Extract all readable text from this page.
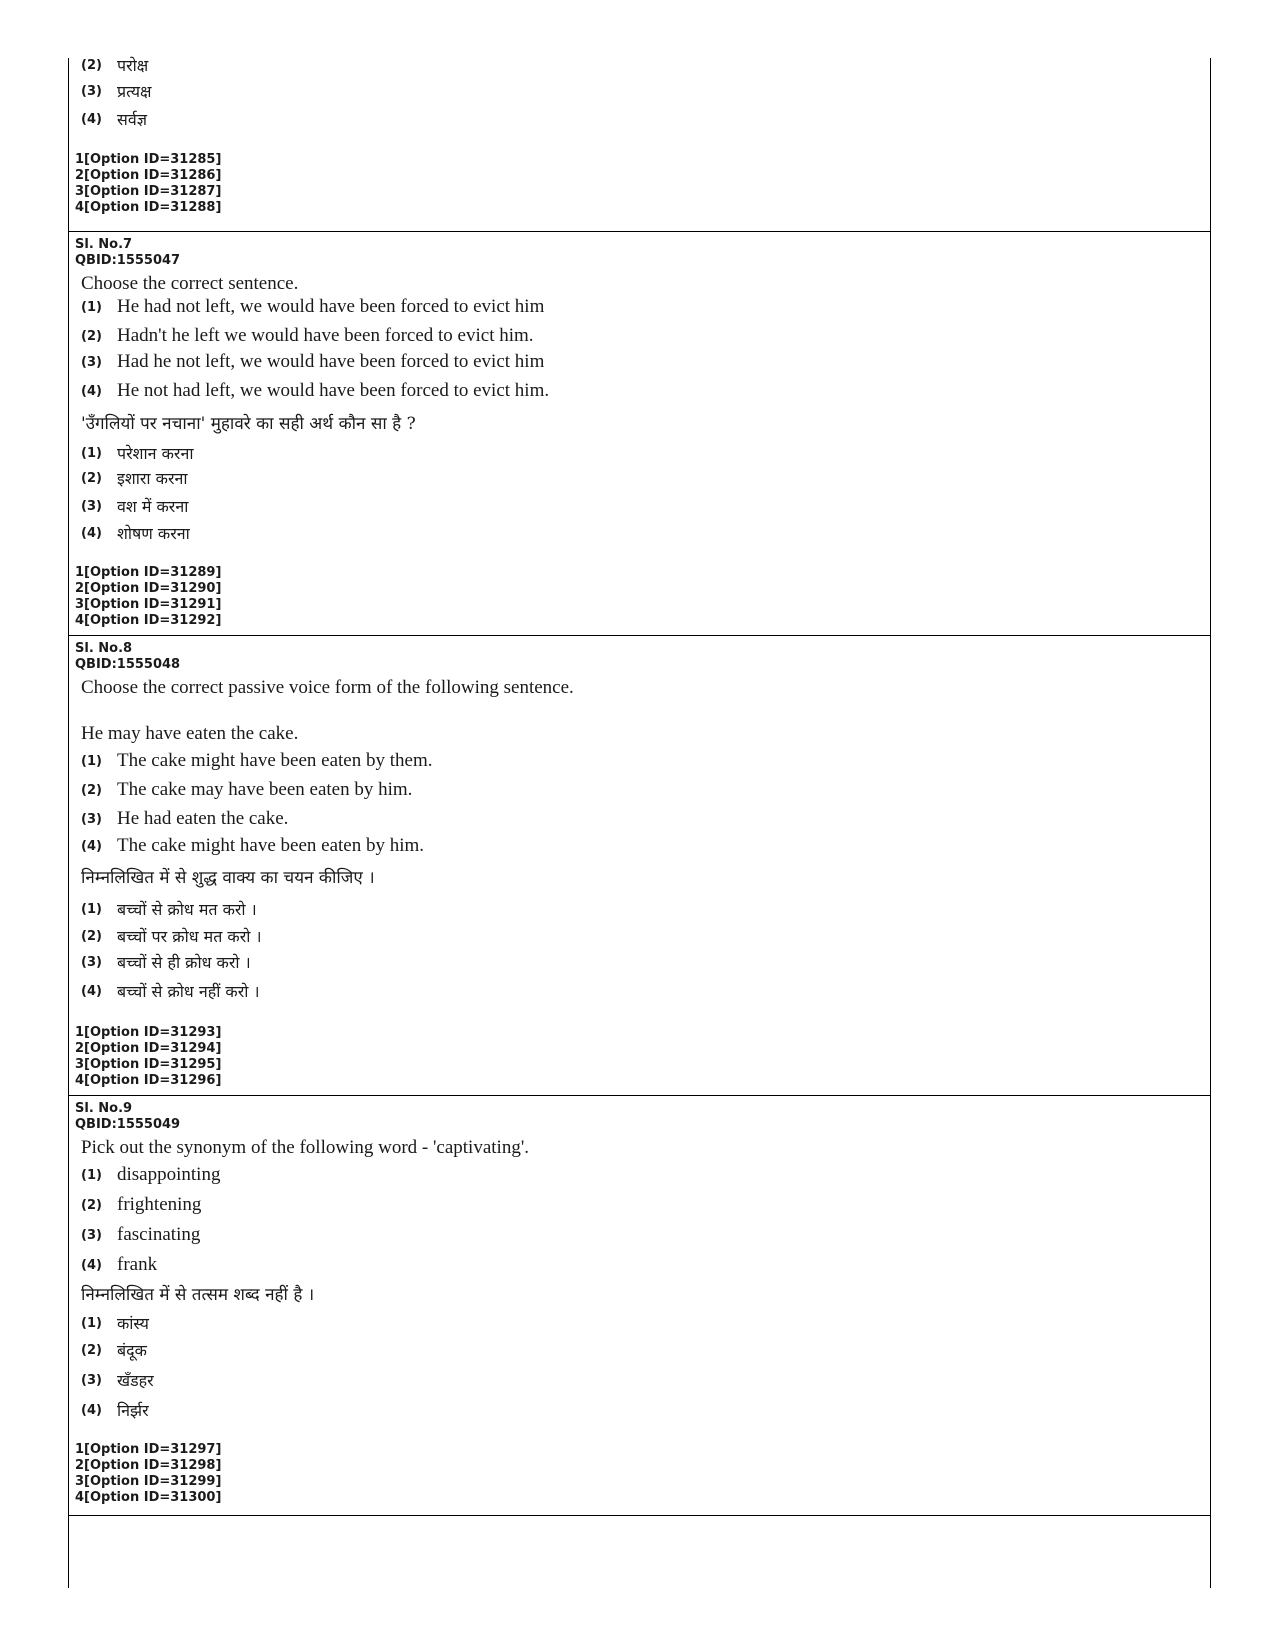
(2) परोक्ष
(3) प्रत्यक्ष
(4) सर्वज्ञ
1[Option ID=31285]
2[Option ID=31286]
3[Option ID=31287]
4[Option ID=31288]
Sl. No.7
QBID:1555047
Choose the correct sentence.
(1) He had not left, we would have been forced to evict him
(2) Hadn't he left we would have been forced to evict him.
(3) Had he not left, we would have been forced to evict him
(4) He not had left, we would have been forced to evict him.
'उँगलियों पर नचाना' मुहावरे का सही अर्थ कौन सा है ?
(1) परेशान करना
(2) इशारा करना
(3) वश में करना
(4) शोषण करना
1[Option ID=31289]
2[Option ID=31290]
3[Option ID=31291]
4[Option ID=31292]
Sl. No.8
QBID:1555048
Choose the correct passive voice form of the following sentence.
He may have eaten the cake.
(1) The cake might have been eaten by them.
(2) The cake may have been eaten by him.
(3) He had eaten the cake.
(4) The cake might have been eaten by him.
निम्नलिखित में से शुद्ध वाक्य का चयन कीजिए ।
(1) बच्चों से क्रोध मत करो ।
(2) बच्चों पर क्रोध मत करो ।
(3) बच्चों से ही क्रोध करो ।
(4) बच्चों से क्रोध नहीं करो ।
1[Option ID=31293]
2[Option ID=31294]
3[Option ID=31295]
4[Option ID=31296]
Sl. No.9
QBID:1555049
Pick out the synonym of the following word - 'captivating'.
(1) disappointing
(2) frightening
(3) fascinating
(4) frank
निम्नलिखित में से तत्सम शब्द नहीं है ।
(1) कांस्य
(2) बंदूक
(3) खँडहर
(4) निर्झर
1[Option ID=31297]
2[Option ID=31298]
3[Option ID=31299]
4[Option ID=31300]
